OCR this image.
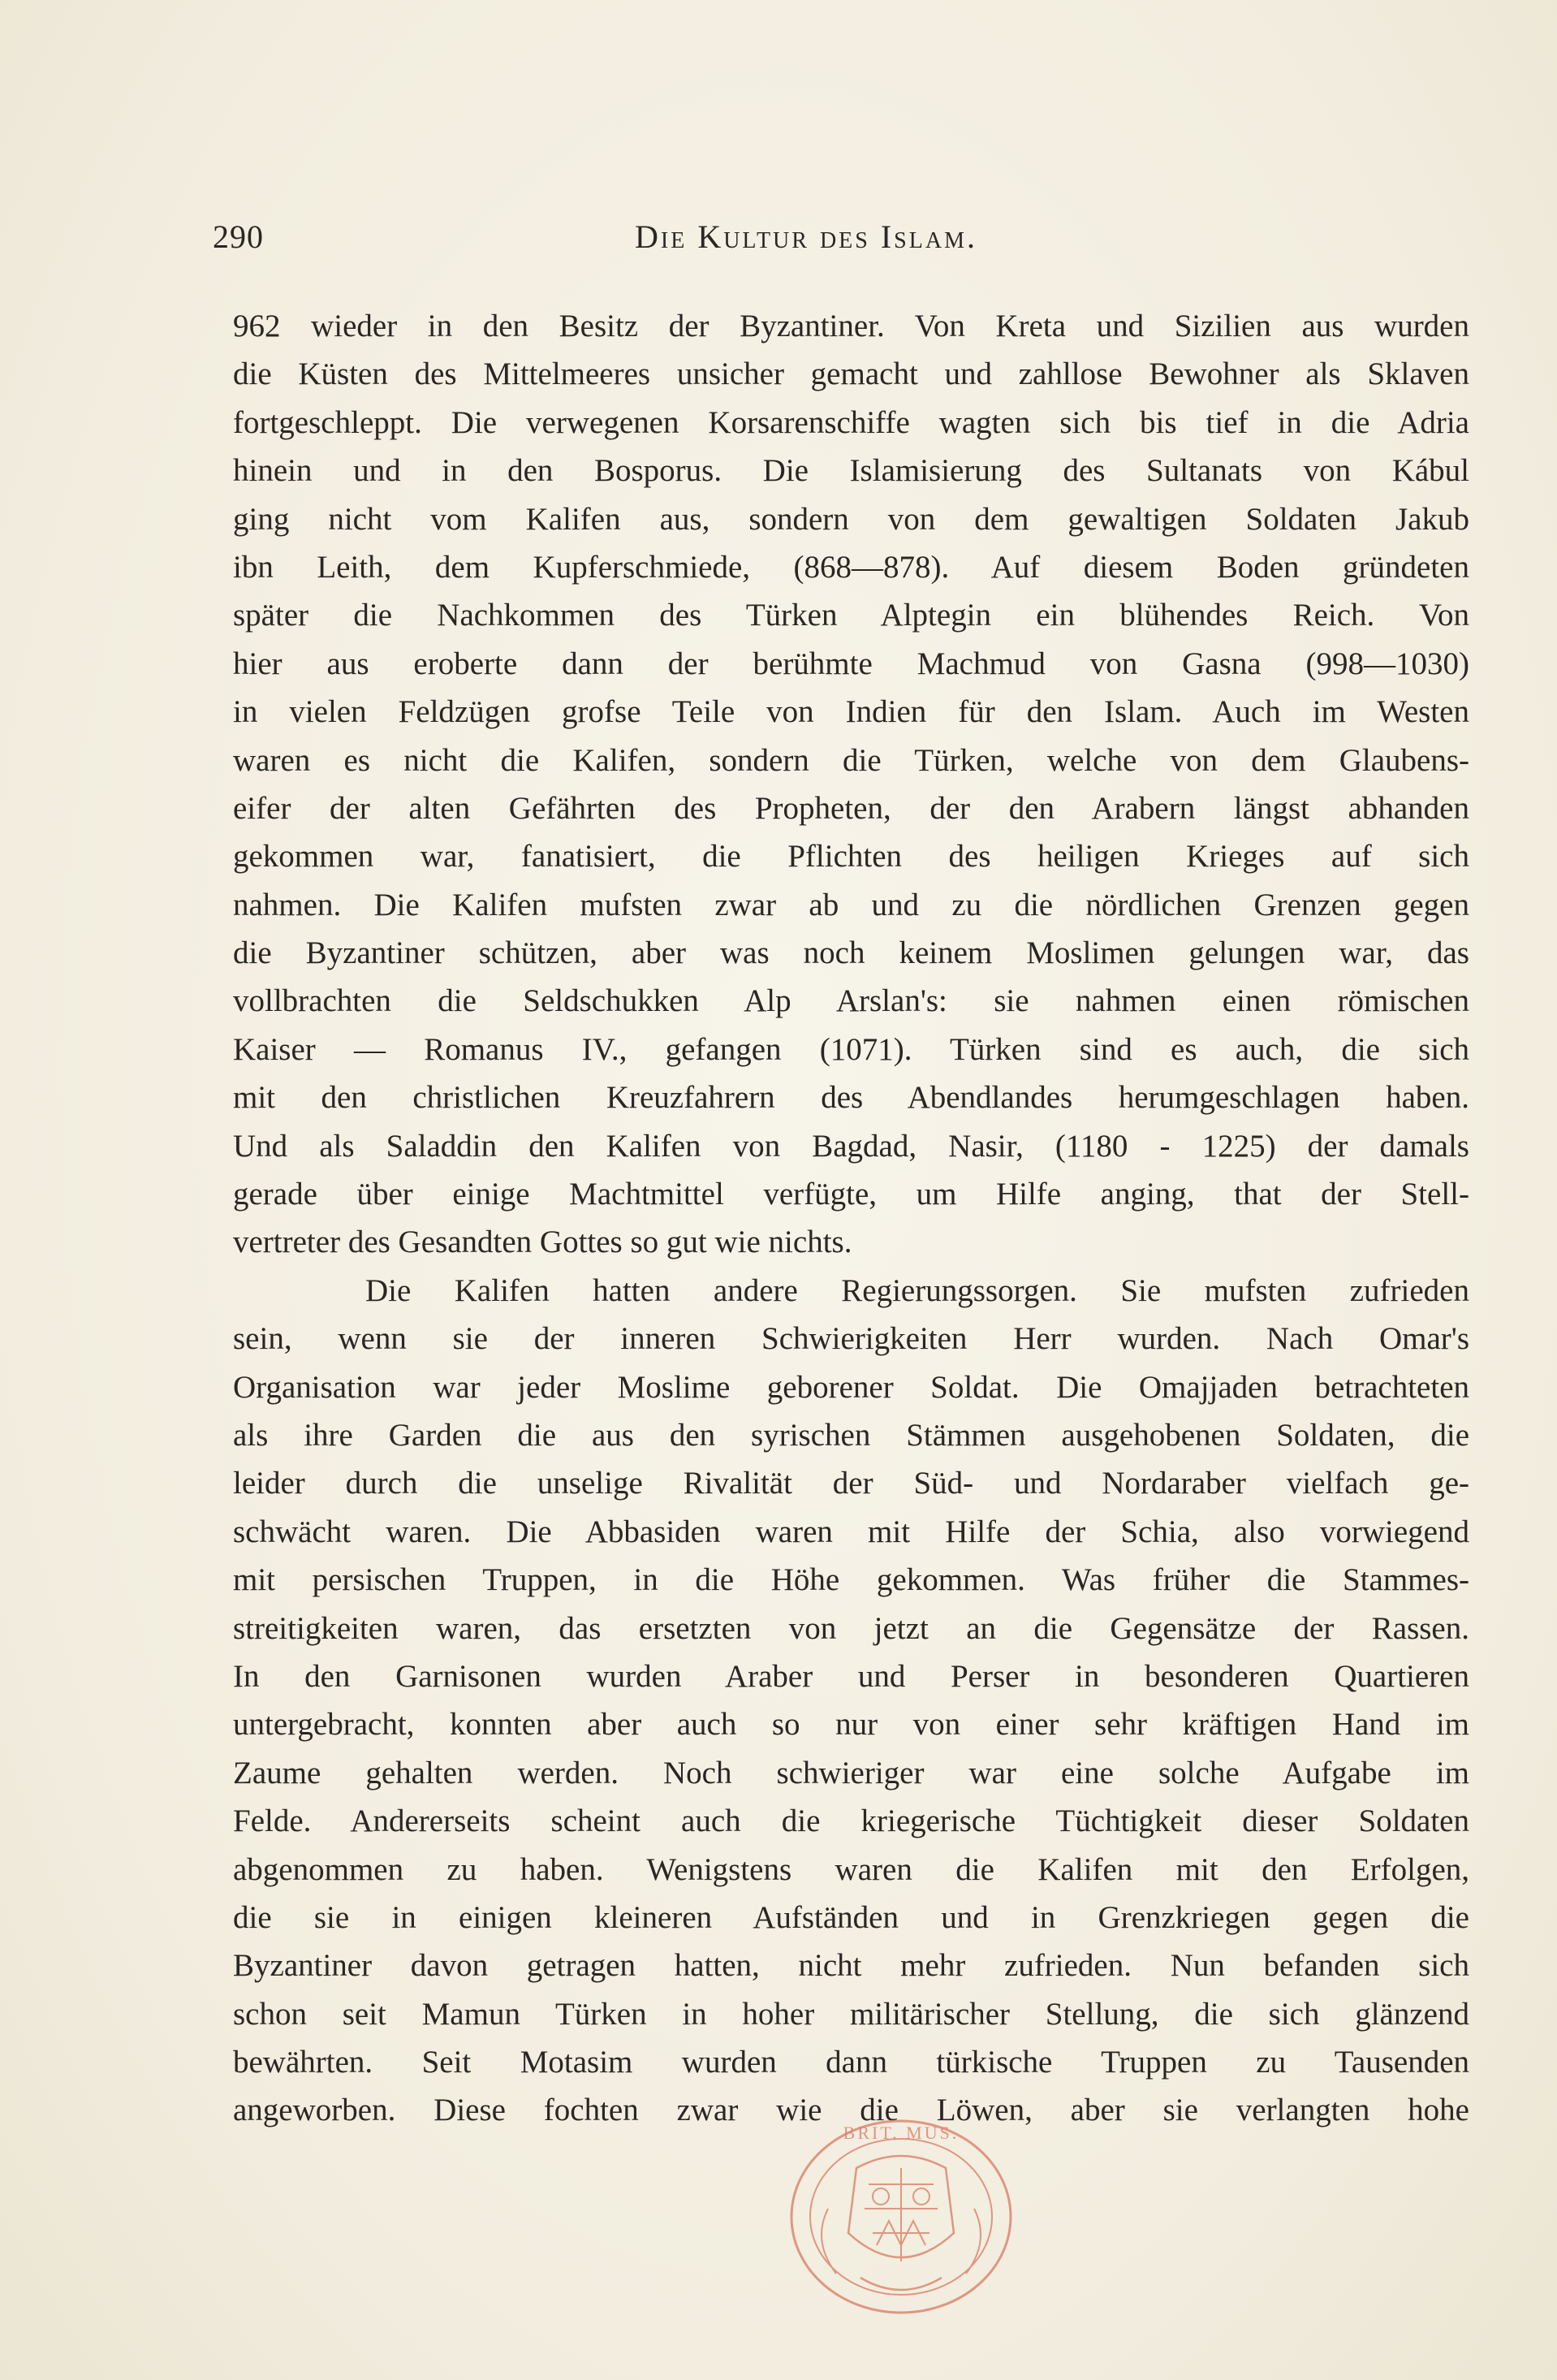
290	Die Kultur des Islam.
962 wieder in den Besitz der Byzantiner. Von Kreta und Sizilien aus wurden
die Küsten des Mittelmeeres unsicher gemacht und zahllose Bewohner als Sklaven
fortgeschleppt. Die verwegenen Korsarenschiffe wagten sich bis tief in die Adria
hinein und in den Bosporus. Die Islamisierung des Sultanats von Kábul
ging nicht vom Kalifen aus, sondern von dem gewaltigen Soldaten Jakub
ibn Leith, dem Kupferschmiede, (868—878). Auf diesem Boden gründeten
später die Nachkommen des Türken Alptegin ein blühendes Reich. Von
hier aus eroberte dann der berühmte Machmud von Gasna (998—1030)
in vielen Feldzügen grofse Teile von Indien für den Islam. Auch im Westen
waren es nicht die Kalifen, sondern die Türken, welche von dem Glaubens-
eifer der alten Gefährten des Propheten, der den Arabern längst abhanden
gekommen war, fanatisiert, die Pflichten des heiligen Krieges auf sich
nahmen. Die Kalifen mufsten zwar ab und zu die nördlichen Grenzen gegen
die Byzantiner schützen, aber was noch keinem Moslimen gelungen war, das
vollbrachten die Seldschukken Alp Arslan's: sie nahmen einen römischen
Kaiser — Romanus IV., gefangen (1071). Türken sind es auch, die sich
mit den christlichen Kreuzfahrern des Abendlandes herumgeschlagen haben.
Und als Saladdin den Kalifen von Bagdad, Nasir, (1180 - 1225) der damals
gerade über einige Machtmittel verfügte, um Hilfe anging, that der Stell-
vertreter des Gesandten Gottes so gut wie nichts.
Die Kalifen hatten andere Regierungssorgen. Sie mufsten zufrieden
sein, wenn sie der inneren Schwierigkeiten Herr wurden. Nach Omar's
Organisation war jeder Moslime geborener Soldat. Die Omajjaden betrachteten
als ihre Garden die aus den syrischen Stämmen ausgehobenen Soldaten, die
leider durch die unselige Rivalität der Süd- und Nordaraber vielfach ge-
schwächt waren. Die Abbasiden waren mit Hilfe der Schia, also vorwiegend
mit persischen Truppen, in die Höhe gekommen. Was früher die Stammes-
streitigkeiten waren, das ersetzten von jetzt an die Gegensätze der Rassen.
In den Garnisonen wurden Araber und Perser in besonderen Quartieren
untergebracht, konnten aber auch so nur von einer sehr kräftigen Hand im
Zaume gehalten werden. Noch schwieriger war eine solche Aufgabe im
Felde. Andererseits scheint auch die kriegerische Tüchtigkeit dieser Soldaten
abgenommen zu haben. Wenigstens waren die Kalifen mit den Erfolgen,
die sie in einigen kleineren Aufständen und in Grenzkriegen gegen die
Byzantiner davon getragen hatten, nicht mehr zufrieden. Nun befanden sich
schon seit Mamun Türken in hoher militärischer Stellung, die sich glänzend
bewährten. Seit Motasim wurden dann türkische Truppen zu Tausenden
angeworben. Diese fochten zwar wie die Löwen, aber sie verlangten hohe
BRIT. MUS.
